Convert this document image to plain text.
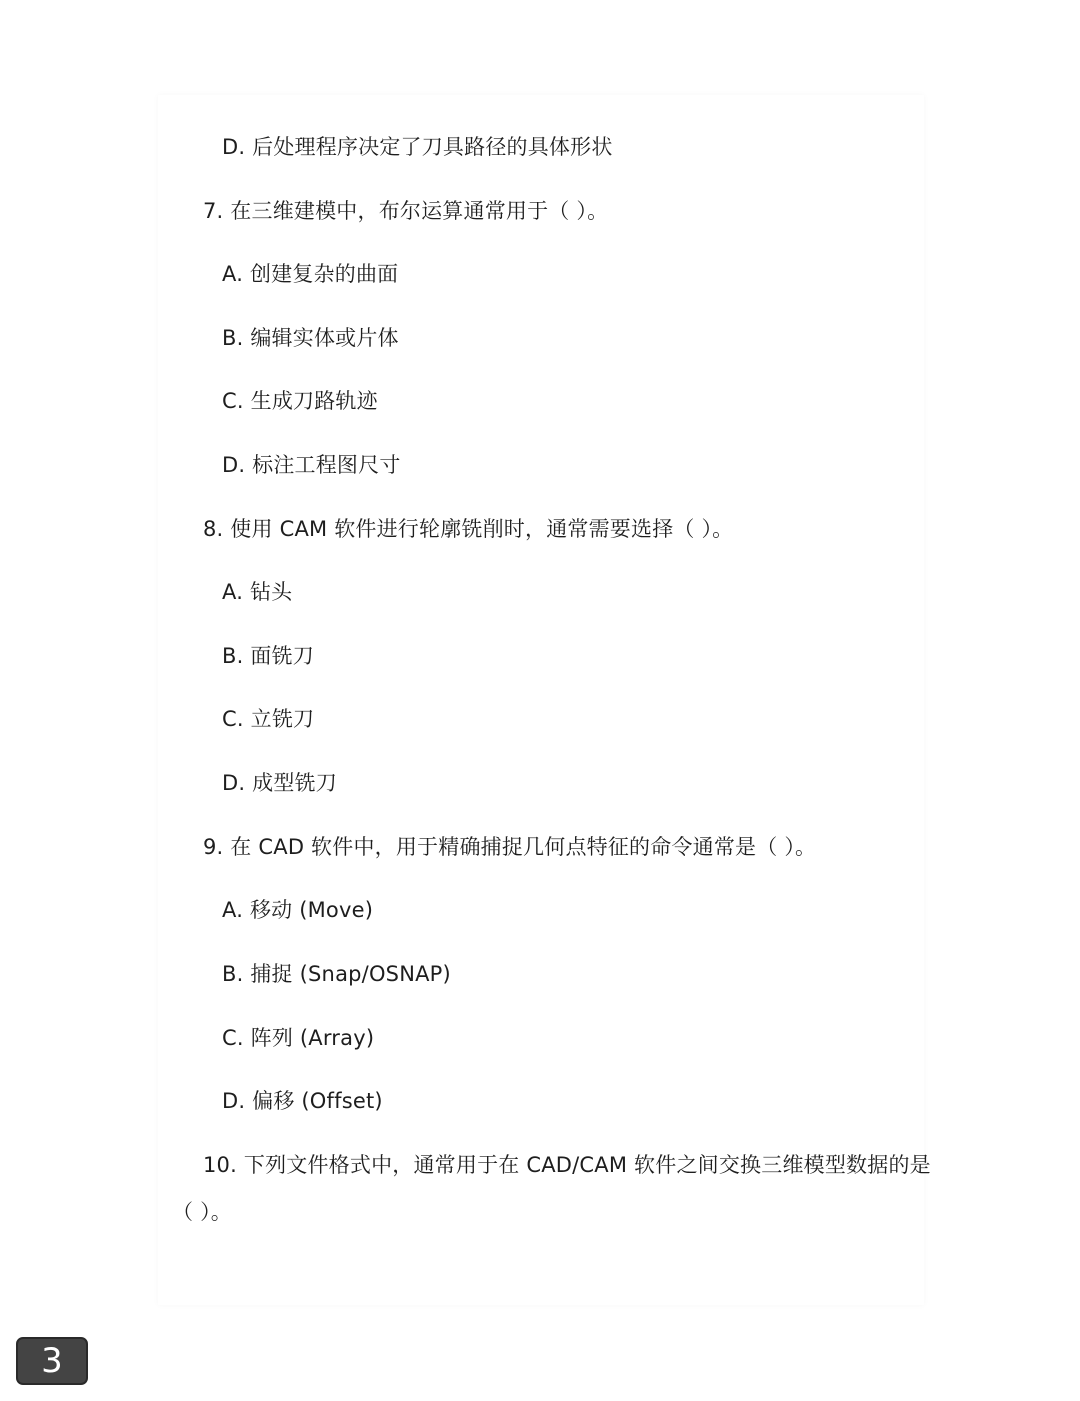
D. 后处理程序决定了刀具路径的具体形状
7. 在三维建模中，布尔运算通常用于（ ）。
A. 创建复杂的曲面
B. 编辑实体或片体
C. 生成刀路轨迹
D. 标注工程图尺寸
8. 使用 CAM 软件进行轮廓铣削时，通常需要选择（ ）。
A. 钻头
B. 面铣刀
C. 立铣刀
D. 成型铣刀
9. 在 CAD 软件中，用于精确捕捉几何点特征的命令通常是（ ）。
A. 移动 (Move)
B. 捕捉 (Snap/OSNAP)
C. 阵列 (Array)
D. 偏移 (Offset)
10. 下列文件格式中，通常用于在 CAD/CAM 软件之间交换三维模型数据的是
（ ）。
3
